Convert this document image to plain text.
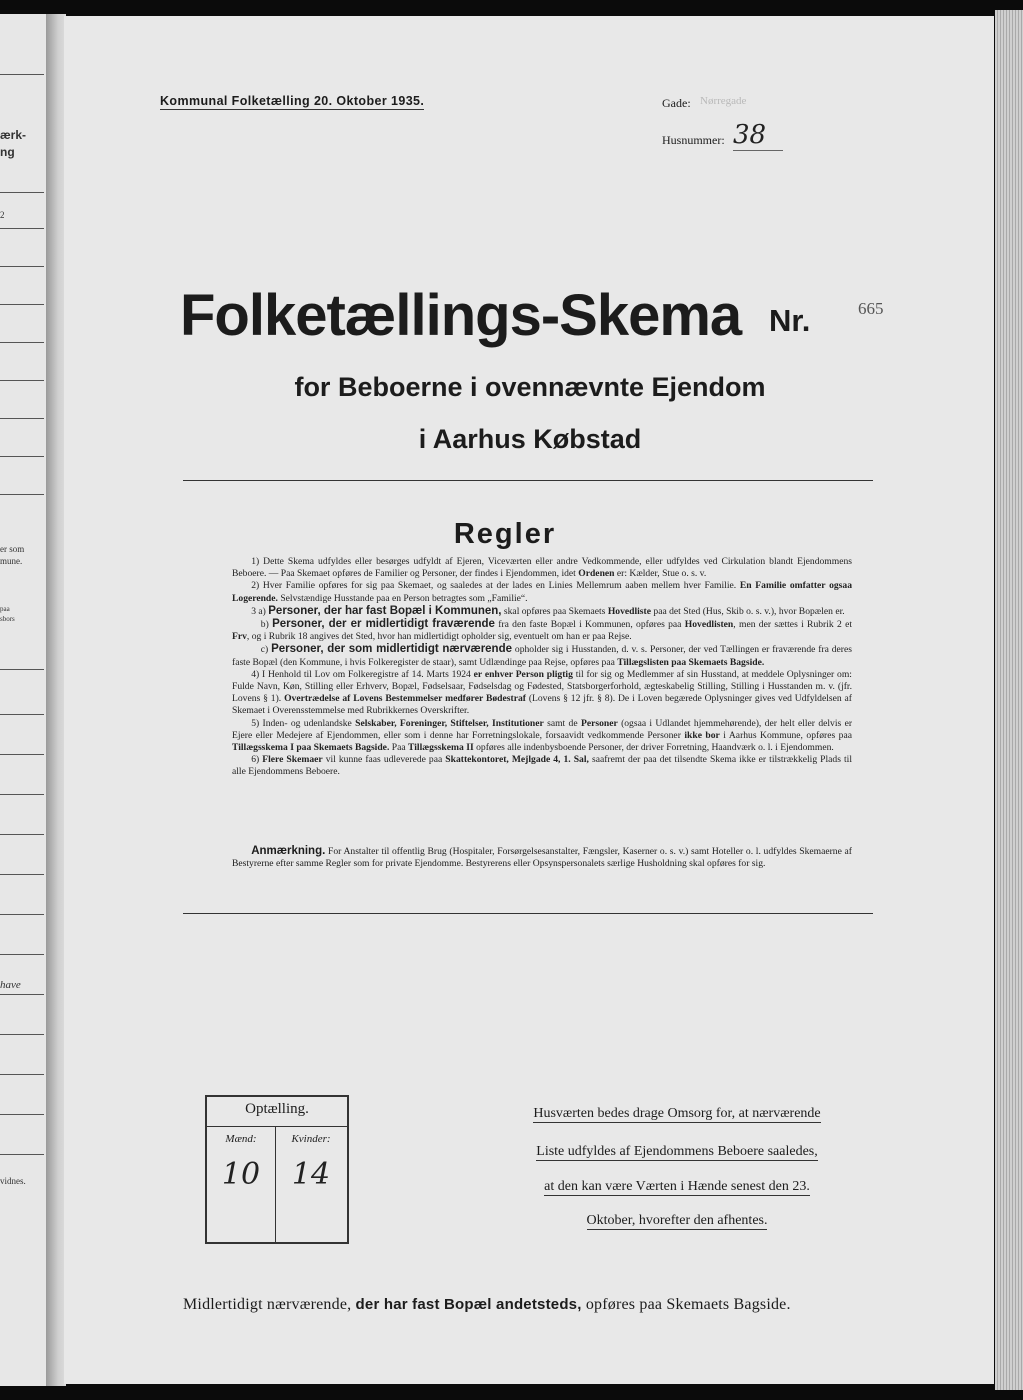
ærk-
ng
2
er som
mune.
paa
sbors
have
vidnes.
Kommunal Folketælling 20. Oktober 1935.	Gade: Nørregade
Husnummer: 38
Folketællings-Skema Nr.	665
for Beboerne i ovennævnte Ejendom
i Aarhus Købstad
Regler

  1) Dette Skema udfyldes eller besørges udfyldt af Ejeren, Viceværten eller andre Vedkommende, eller udfyldes ved Cirkulation blandt Ejendommens Beboere. — Paa Skemaet opføres de Familier og Personer, der findes i Ejendommen, idet Ordenen er: Kælder, Stue o. s. v.

  2) Hver Familie opføres for sig paa Skemaet, og saaledes at der lades en Linies Mellemrum aaben mellem hver Familie. En Familie omfatter ogsaa Logerende. Selvstændige Husstande paa en Person betragtes som „Familie“.

  3 a) Personer, der har fast Bopæl i Kommunen, skal opføres paa Skemaets Hovedliste paa det Sted (Hus, Skib o. s. v.), hvor Bopælen er.

   b) Personer, der er midlertidigt fraværende fra den faste Bopæl i Kommunen, opføres paa Hovedlisten, men der sættes i Rubrik 2 et Frv, og i Rubrik 18 angives det Sted, hvor han midlertidigt opholder sig, eventuelt om han er paa Rejse.

   c) Personer, der som midlertidigt nærværende opholder sig i Husstanden, d. v. s. Personer, der ved Tællingen er fraværende fra deres faste Bopæl (den Kommune, i hvis Folkeregister de staar), samt Udlændinge paa Rejse, opføres paa Tillægslisten paa Skemaets Bagside.

  4) I Henhold til Lov om Folkeregistre af 14. Marts 1924 er enhver Person pligtig til for sig og Medlemmer af sin Husstand, at meddele Oplysninger om: Fulde Navn, Køn, Stilling eller Erhverv, Bopæl, Fødselsaar, Fødselsdag og Fødested, Statsborgerforhold, ægteskabelig Stilling, Stilling i Husstanden m. v. (jfr. Lovens § 1). Overtrædelse af Lovens Bestemmelser medfører Bødestraf (Lovens § 12 jfr. § 8). De i Loven begærede Oplysninger gives ved Udfyldelsen af Skemaet i Overensstemmelse med Rubrikkernes Overskrifter.

  5) Inden- og udenlandske Selskaber, Foreninger, Stiftelser, Institutioner samt de Personer (ogsaa i Udlandet hjemmehørende), der helt eller delvis er Ejere eller Medejere af Ejendommen, eller som i denne har Forretningslokale, forsaavidt vedkommende Personer ikke bor i Aarhus Kommune, opføres paa Tillægsskema I paa Skemaets Bagside. Paa Tillægsskema II opføres alle indenbysboende Personer, der driver Forretning, Haandværk o. l. i Ejendommen.

  6) Flere Skemaer vil kunne faas udleverede paa Skattekontoret, Mejlgade 4, 1. Sal, saafremt der paa det tilsendte Skema ikke er tilstrækkelig Plads til alle Ejendommens Beboere.

  Anmærkning. For Anstalter til offentlig Brug (Hospitaler, Forsørgelsesanstalter, Fængsler, Kaserner o. s. v.) samt Hoteller o. l. udfyldes Skemaerne af Bestyrerne efter samme Regler som for private Ejendomme. Bestyrerens eller Opsynspersonalets særlige Husholdning skal opføres for sig.
Optælling.
Mænd:	Kvinder:
10	14
Husværten bedes drage Omsorg for, at nærværende
Liste udfyldes af Ejendommens Beboere saaledes,
at den kan være Værten i Hænde senest den 23.
Oktober, hvorefter den afhentes.
Midlertidigt nærværende, der har fast Bopæl andetsteds, opføres paa Skemaets Bagside.
